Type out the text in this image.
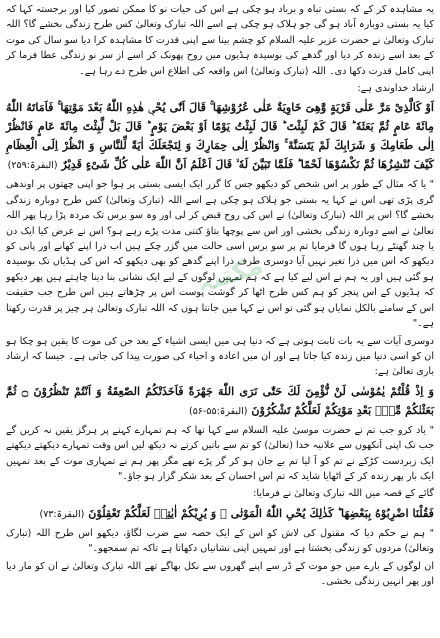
یہ مشاہدہ کر کے کہ بستی تباہ و برباد ہو چکی ہے اس کی حیات نو کا ممکن تصور کیا اور برجستہ کہا کہ کیا یہ بستی دوبارہ آباد ہو گی جو ہلاک ہو چکی ہے اسے اللہ تبارک وتعالیٰ کس طرح زندگی بخشے گا؟ اللہ تبارک وتعالیٰ نے حضرت عزیر علیہ السلام کو چشم بینا سے اپنی قدرت کا مشاہدہ کرا دیا سو سال کی موت کے بعد اسے زندہ کر دیا اور گدھے کی بوسیدہ ہڈیوں میں روح پھونک کر اسے از سر نو زندگی عطا فرما کر اپنی کامل قدرت دکھا دی۔ اللہ (تبارک وتعالیٰ) اس واقعہ کی اطلاع اس طرح دے رہا ہے۔

ارشاد خداوندی ہے:

اَوْ كَالَّذِیْ مَرَّ عَلٰی قَرْیَةٍ وَّهِیَ خَاوِیَةٌ عَلٰی عُرُوْشِهَا ۚ قَالَ اَنّٰی یُحْیٖ هٰذِهِ اللّٰهُ بَعْدَ مَوْتِهَا ۚ فَاَمَاتَهُ اللّٰهُ مِائَةَ عَامٍ ثُمَّ بَعَثَهٗ ؕ قَالَ كَمْ لَبِثْتَ ؕ قَالَ لَبِثْتُ یَوْمًا اَوْ بَعْضَ یَوْمٍ ؕ قَالَ بَلْ لَّبِثْتَ مِائَةَ عَامٍ فَانْظُرْ اِلٰی طَعَامِكَ وَ شَرَابِكَ لَمْ یَتَسَنَّهْ ۚ وَانْظُرْ اِلٰی حِمَارِكَ وَ لِنَجْعَلَكَ اٰیَةً لِّلنَّاسِ وَ انْظُرْ اِلَی الْعِظَامِ كَیْفَ نُنْشِزُهَا ثُمَّ نَكْسُوْهَا لَحْمًا ؕ فَلَمَّا تَبَیَّنَ لَهٗ ۙ قَالَ اَعْلَمُ اَنَّ اللّٰهَ عَلٰی كُلِّ شَیْءٍ قَدِیْرٌ (البقرۃ:۲۵۹)

" یا کہ مثال کے طور پر اس شخص کو دیکھو جس کا گزر ایک ایسی بستی پر ہوا جو اپنی چھتوں پر اوندھی گری پڑی تھی اس نے کہا یہ بستی جو ہلاک ہو چکی ہے اسے اللہ (تبارک وتعالیٰ) کس طرح دوبارہ زندگی بخشے گا؟ اس پر اللہ (تبارک وتعالیٰ) نے اس کی روح قبض کر لی اور وہ سو برس تک مردہ پڑا رہا پھر اللہ تعالیٰ نے اسے دوبارہ زندگی بخشی اور اس سے پوچھا بتاؤ کتنی مدت پڑے رہے ہو؟ اس نے عرض کیا ایک دن یا چند گھنٹے رہا ہوں گا فرمایا تم پر سو برس اسی حالت میں گزر چکے ہیں اب ذرا اپنے کھانے اور پانی کو دیکھو کہ اس میں ذرا تغیر نہیں آیا دوسری طرف ذرا اپنے گدھے کو بھی دیکھو کہ اس کی ہڈیاں تک بوسیدہ ہو گئی ہیں اور یہ ہم نے اس لیے کیا ہے کہ ہم تمہیں لوگوں کے لیے ایک نشانی بنا دینا چاہتے ہیں پھر دیکھو کہ ہڈیوں کے اس پنجر کو ہم کس طرح اٹھا کر گوشت پوست اس پر چڑھاتے ہیں اس طرح جب حقیقت اس کے سامنے بالکل نمایاں ہو گئی تو اس نے کہا میں جانتا ہوں کہ اللہ تبارک وتعالیٰ ہر چیز پر قدرت رکھتا ہے۔"

دوسری آیات سے یہ بات ثابت ہوتی ہے کہ دنیا ہی میں ایسی اشیاء کے بعد جن کی موت کا یقین ہو چکا ہو ان کو اسی دنیا میں زندہ کیا جاتا ہے اور ان میں اعادہ و احیاء کی صورت پیدا کی جاتی ہے۔ جیسا کہ ارشاد باری تعالیٰ ہے:

وَ اِذْ قُلْتُمْ یٰمُوْسٰی لَنْ نُّؤْمِنَ لَكَ حَتّٰی نَرَی اللّٰهَ جَهْرَةً فَاَخَذَتْكُمُ الصّٰعِقَةُ وَ اَنْتُمْ تَنْظُرُوْنَ ۝ ثُمَّ بَعَثْنٰكُمْ مِّنْۢ بَعْدِ مَوْتِكُمْ لَعَلَّكُمْ تَشْكُرُوْنَ (البقرۃ:۵۵-۵۶)

" یاد کرو جب تم نے حضرت موسیٰ علیہ السلام سے کہا تھا کہ ہم تمہارے کہنے پر ہرگز یقین نہ کریں گے جب تک اپنی آنکھوں سے علانیہ خدا (تعالیٰ) کو تم سے باتیں کرتے نہ دیکھ لیں اس وقت تمہارے دیکھتے دیکھتے ایک زبردست کڑکے نے تم کو آ لیا تم بے جان ہو کر گر پڑے تھے مگر پھر ہم نے تمہاری موت کے بعد تمہیں ایک بار پھر زندہ کر کے اٹھایا شاید کہ تم اس احسان کے بعد شکر گزار ہو جاؤ۔"

گائے کے قصہ میں اللہ تبارک وتعالیٰ نے فرمایا:

فَقُلْنَا اضْرِبُوْهُ بِبَعْضِهَا ؕ كَذٰلِكَ یُحْیِ اللّٰهُ الْمَوْتٰی ۙ وَ یُرِیْكُمْ اٰیٰتِهٖ لَعَلَّكُمْ تَعْقِلُوْنَ (البقرۃ:۷۳)

" ہم نے حکم دیا کہ مقتول کی لاش کو اس کے ایک حصہ سے ضرب لگاؤ، دیکھو اس طرح اللہ (تبارک وتعالیٰ) مردوں کو زندگی بخشتا ہے اور تمہیں اپنی نشانیاں دکھاتا ہے تاکہ تم سمجھو۔"

ان لوگوں کے بارے میں جو موت کے ڈر سے اپنے گھروں سے نکل بھاگے تھے اللہ تبارک وتعالیٰ نے ان کو مار دیا اور پھر انہیں زندگی بخشی۔

مکتبہ
